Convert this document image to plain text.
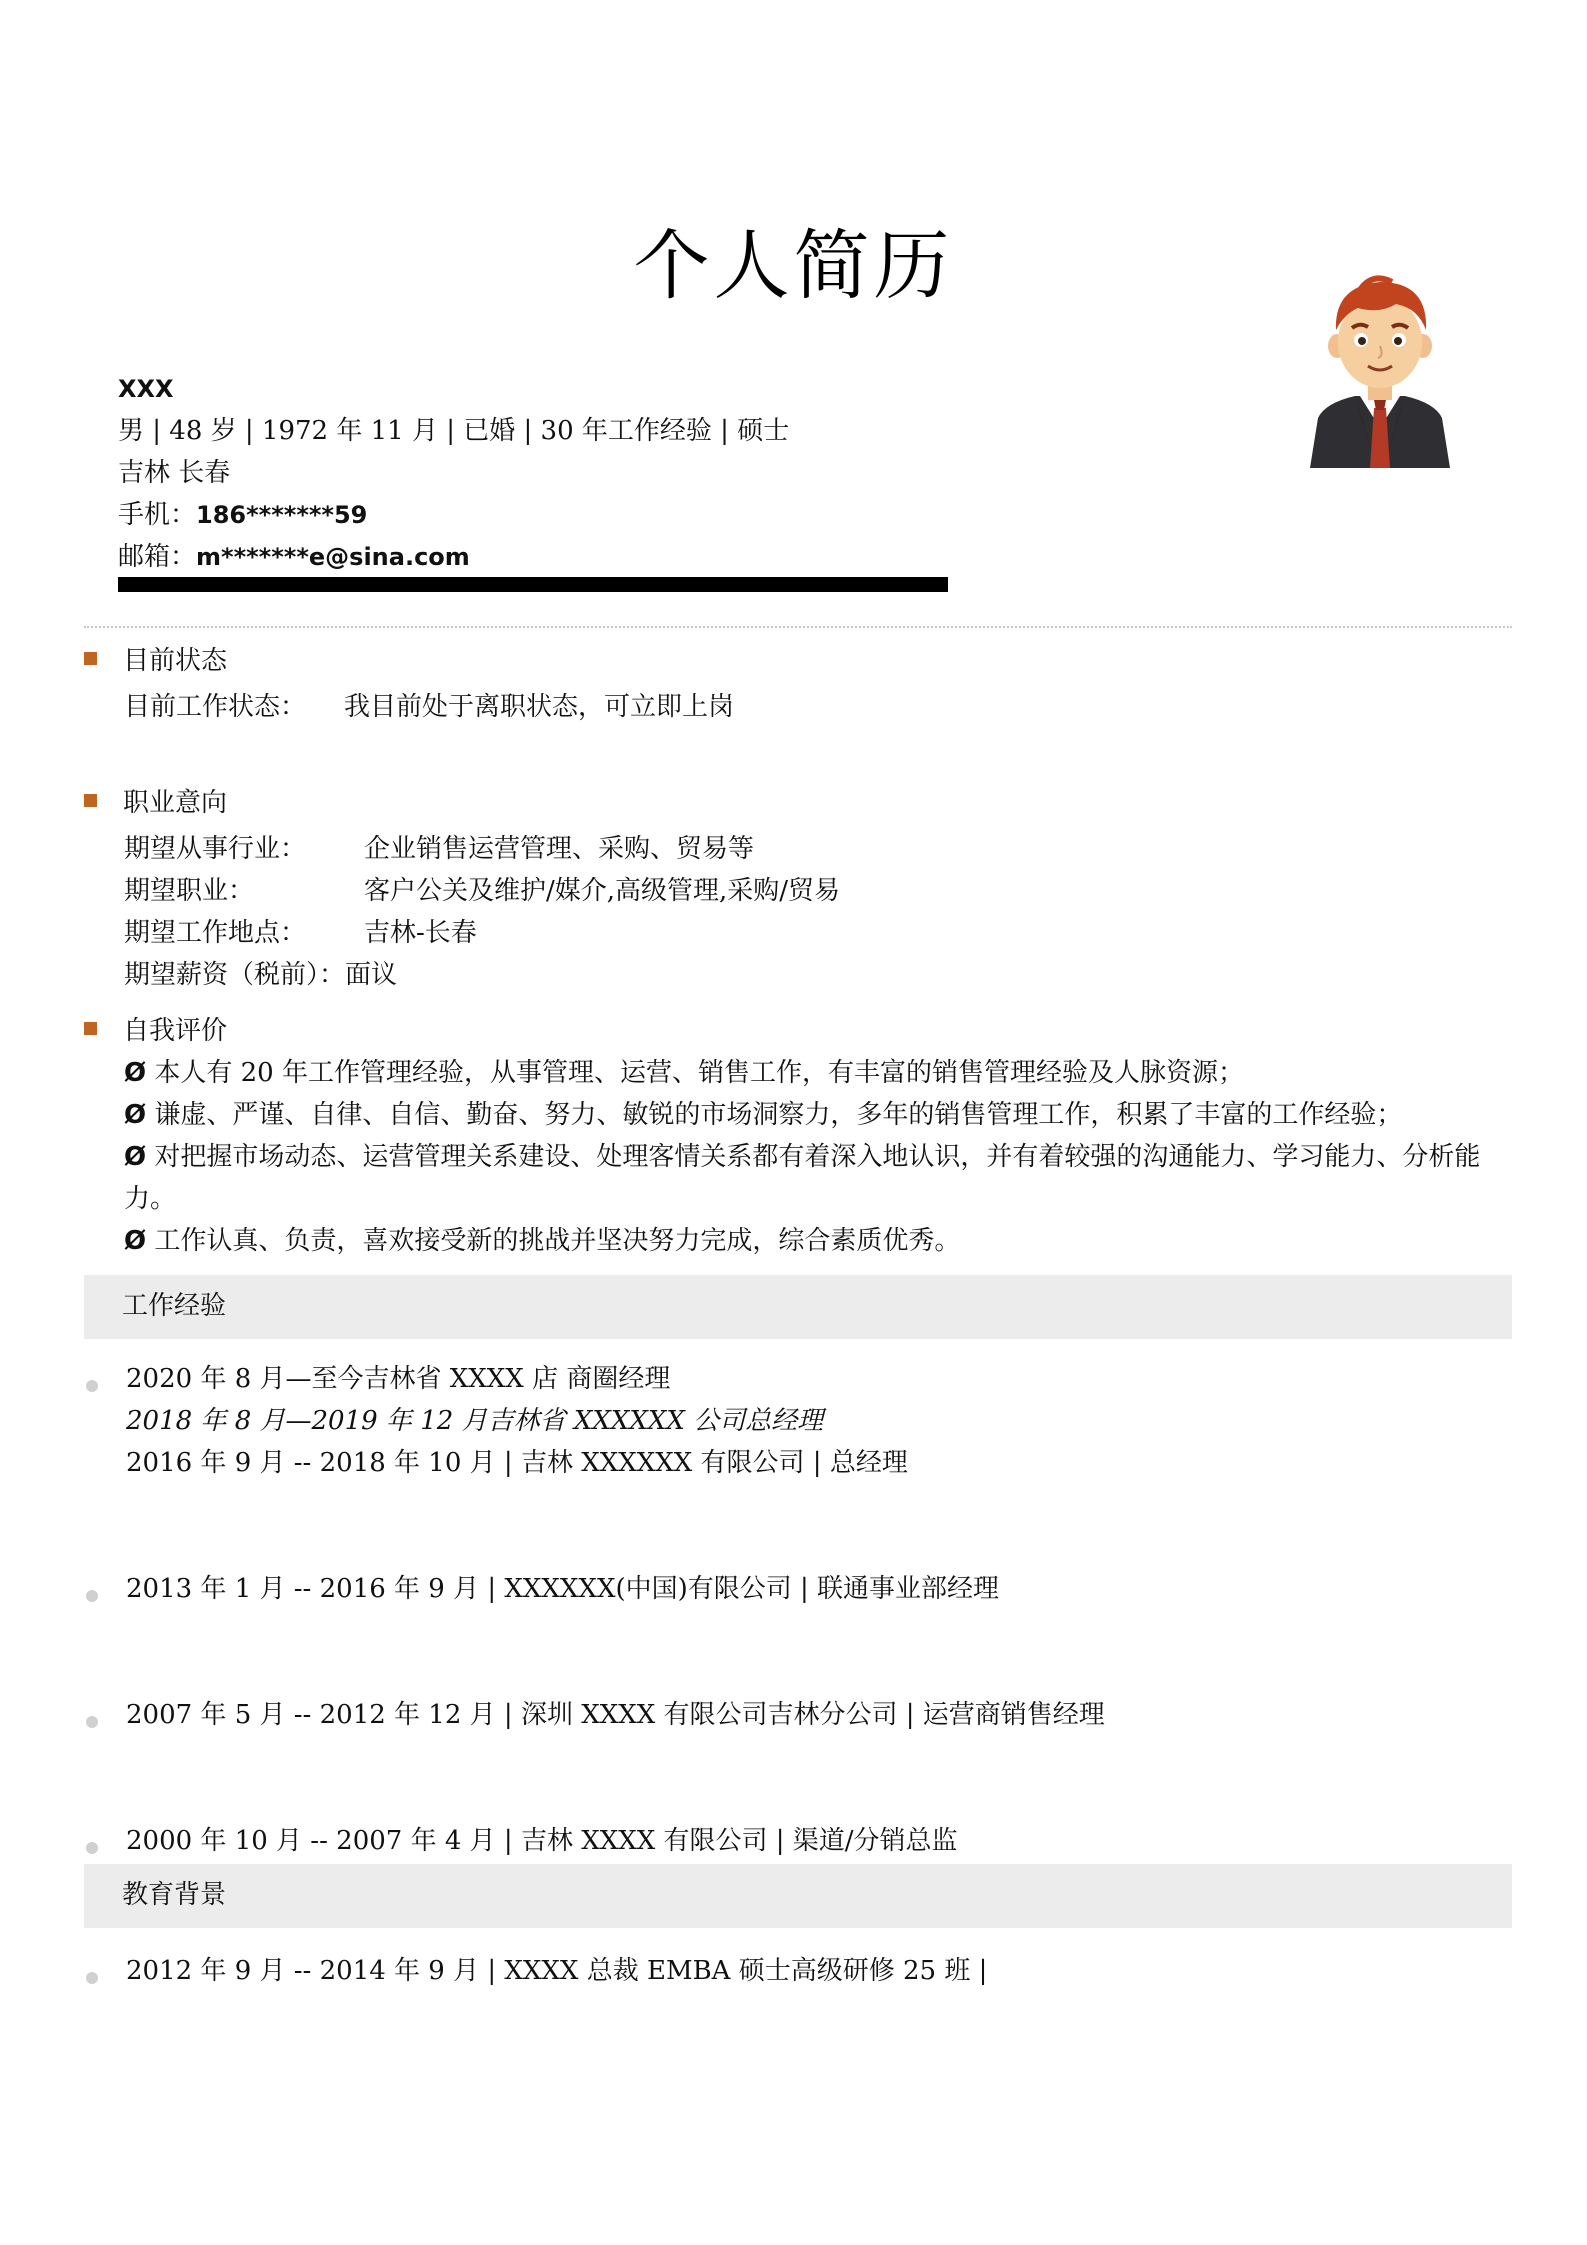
个人简历
XXX
男 | 48 岁 | 1972 年 11 月 | 已婚 | 30 年工作经验 | 硕士
吉林 长春
手机：186*******59
邮箱：m*******e@sina.com
目前状态
目前工作状态： 我目前处于离职状态，可立即上岗
职业意向
期望从事行业： 企业销售运营管理、采购、贸易等
期望职业：	客户公关及维护/媒介,高级管理,采购/贸易
期望工作地点： 吉林-长春
期望薪资（税前）：面议
自我评价
Ø 本人有 20 年工作管理经验，从事管理、运营、销售工作，有丰富的销售管理经验及人脉资源；
Ø 谦虚、严谨、自律、自信、勤奋、努力、敏锐的市场洞察力，多年的销售管理工作，积累了丰富的工作经验；
Ø 对把握市场动态、运营管理关系建设、处理客情关系都有着深入地认识，并有着较强的沟通能力、学习能力、分析能力。
Ø 工作认真、负责，喜欢接受新的挑战并坚决努力完成，综合素质优秀。
工作经验
2020 年 8 月—至今吉林省 XXXX 店 商圈经理
2018 年 8 月—2019 年 12 月吉林省 XXXXXX 公司总经理
2016 年 9 月 -- 2018 年 10 月 | 吉林 XXXXXX 有限公司 | 总经理
2013 年 1 月 -- 2016 年 9 月 | XXXXXX(中国)有限公司 | 联通事业部经理
2007 年 5 月 -- 2012 年 12 月 | 深圳 XXXX 有限公司吉林分公司 | 运营商销售经理
2000 年 10 月 -- 2007 年 4 月 | 吉林 XXXX 有限公司 | 渠道/分销总监
教育背景
2012 年 9 月 -- 2014 年 9 月 | XXXX 总裁 EMBA 硕士高级研修 25 班 |
